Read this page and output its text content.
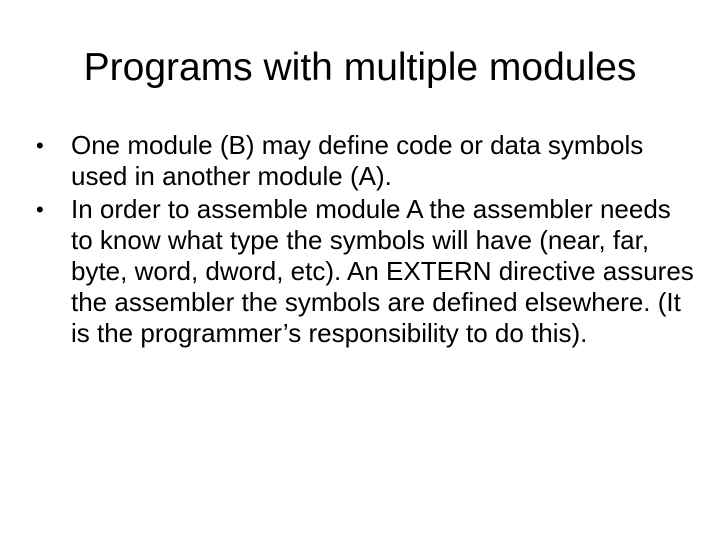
Programs with multiple modules
•	One module (B) may define code or data symbols used in another module (A).
•	In order to assemble module A the assembler needs to know what type the symbols will have (near, far, byte, word, dword, etc). An EXTERN directive assures the assembler the symbols are defined elsewhere. (It is the programmer’s responsibility to do this).
